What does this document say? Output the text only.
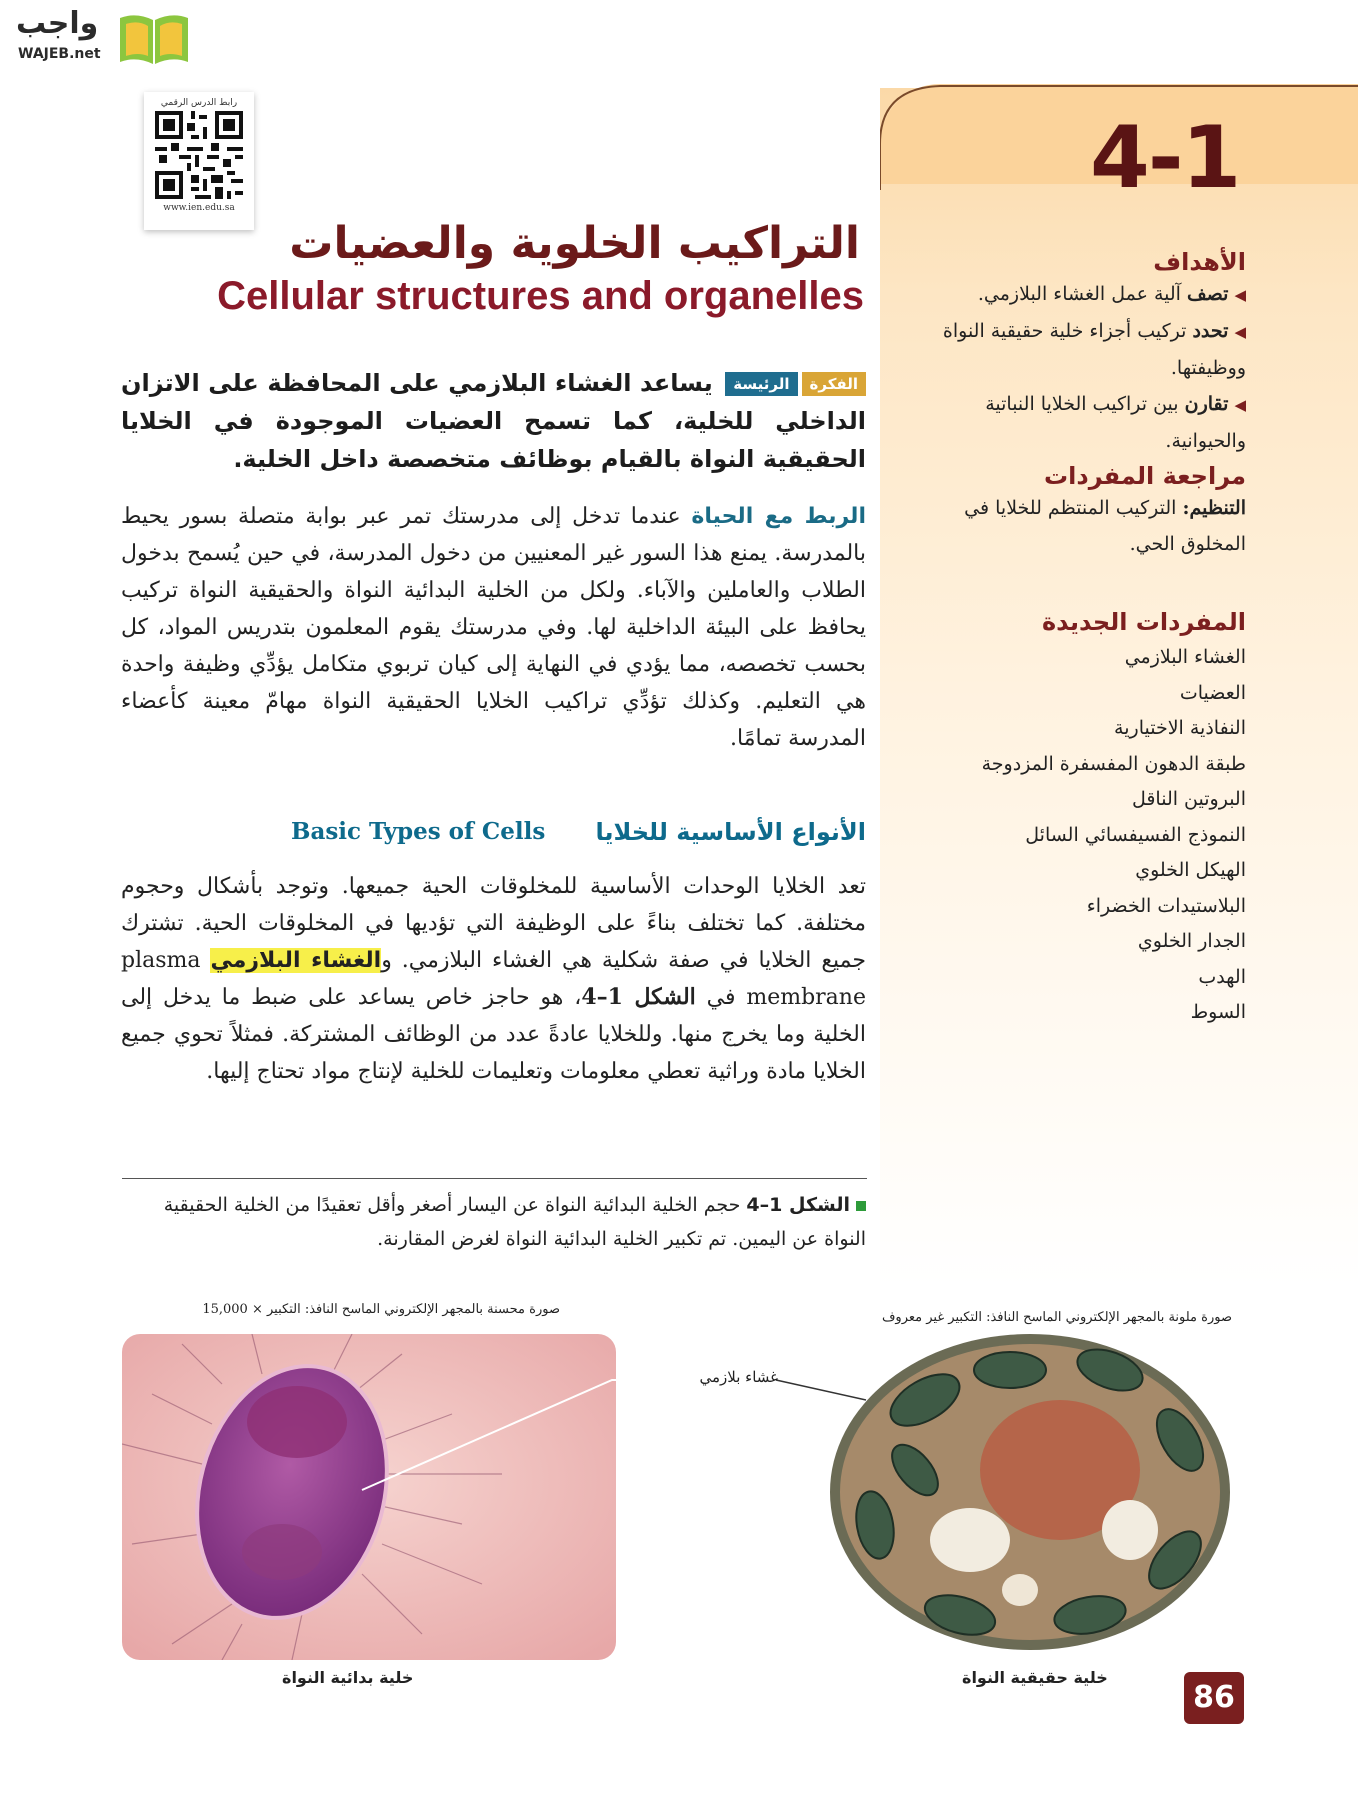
واجب
WAJEB.net
رابط الدرس الرقمي
www.ien.edu.sa	4-1
التراكيب الخلوية والعضيات
Cellular structures and organelles
الفكرةالرئيسة يساعد الغشاء البلازمي على المحافظة على الاتزان الداخلي للخلية، كما تسمح العضيات الموجودة في الخلايا الحقيقية النواة بالقيام بوظائف متخصصة داخل الخلية.
الربط مع الحياة عندما تدخل إلى مدرستك تمر عبر بوابة متصلة بسور يحيط بالمدرسة. يمنع هذا السور غير المعنيين من دخول المدرسة، في حين يُسمح بدخول الطلاب والعاملين والآباء. ولكل من الخلية البدائية النواة والحقيقية النواة تركيب يحافظ على البيئة الداخلية لها. وفي مدرستك يقوم المعلمون بتدريس المواد، كل بحسب تخصصه، مما يؤدي في النهاية إلى كيان تربوي متكامل يؤدِّي وظيفة واحدة هي التعليم. وكذلك تؤدِّي تراكيب الخلايا الحقيقية النواة مهامّ معينة كأعضاء المدرسة تمامًا.
الأنواع الأساسية للخلايا
Basic Types of Cells
تعد الخلايا الوحدات الأساسية للمخلوقات الحية جميعها. وتوجد بأشكال وحجوم مختلفة. كما تختلف بناءً على الوظيفة التي تؤديها في المخلوقات الحية. تشترك جميع الخلايا في صفة شكلية هي الغشاء البلازمي. والغشاء البلازمي plasma membrane في الشكل 1–4، هو حاجز خاص يساعد على ضبط ما يدخل إلى الخلية وما يخرج منها. وللخلايا عادةً عدد من الوظائف المشتركة. فمثلاً تحوي جميع الخلايا مادة وراثية تعطي معلومات وتعليمات للخلية لإنتاج مواد تحتاج إليها.
الأهداف
◀تصف آلية عمل الغشاء البلازمي.
◀تحدد تركيب أجزاء خلية حقيقية النواة ووظيفتها.
◀تقارن بين تراكيب الخلايا النباتية والحيوانية.
مراجعة المفردات
التنظيم: التركيب المنتظم للخلايا في المخلوق الحي.
المفردات الجديدة
الغشاء البلازمي
العضيات
النفاذية الاختيارية
طبقة الدهون المفسفرة المزدوجة
البروتين الناقل
النموذج الفسيفسائي السائل
الهيكل الخلوي
البلاستيدات الخضراء
الجدار الخلوي
الهدب
السوط
الشكل 1–4 حجم الخلية البدائية النواة عن اليسار أصغر وأقل تعقيدًا من الخلية الحقيقية النواة عن اليمين. تم تكبير الخلية البدائية النواة لغرض المقارنة.
صورة محسنة بالمجهر الإلكتروني الماسح النافذ: التكبير × 15,000
صورة ملونة بالمجهر الإلكتروني الماسح النافذ: التكبير غير معروف
غشاء بلازمي
خلية بدائية النواة	خلية حقيقية النواة
86
